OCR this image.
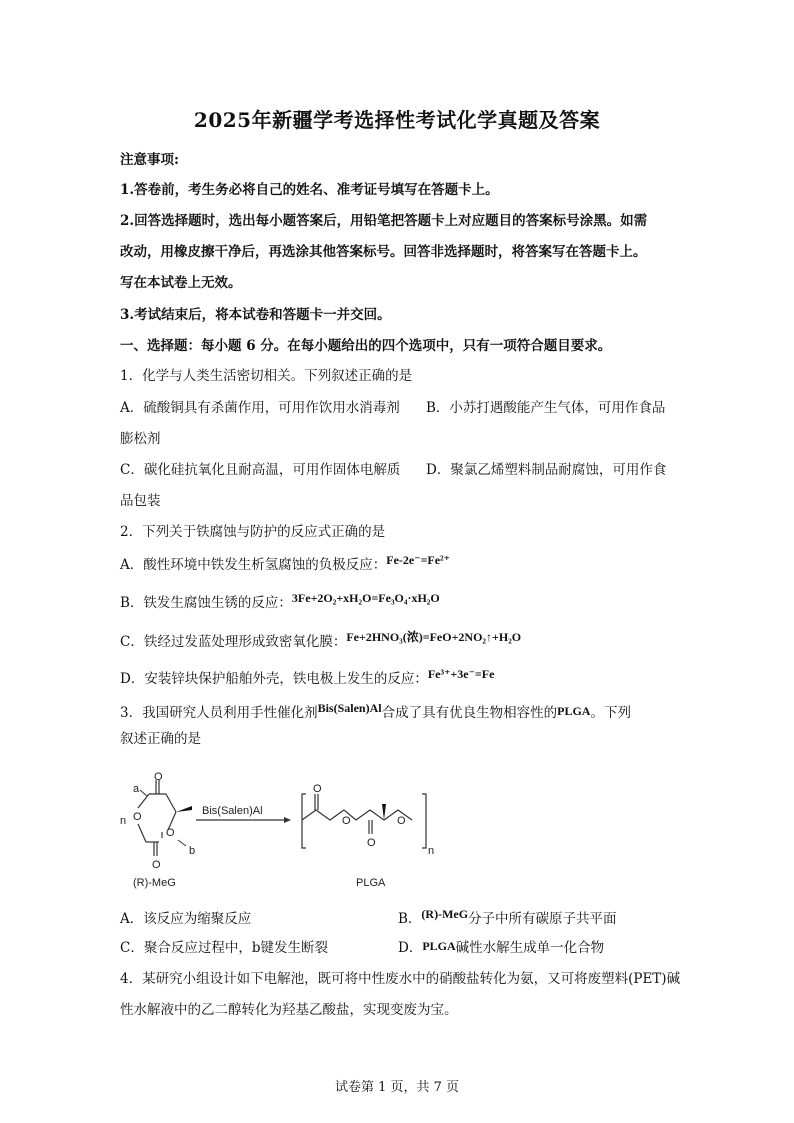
2025年新疆学考选择性考试化学真题及答案
注意事项:
1.答卷前，考生务必将自己的姓名、准考证号填写在答题卡上。
2.回答选择题时，选出每小题答案后，用铅笔把答题卡上对应题目的答案标号涂黑。如需
改动，用橡皮擦干净后，再选涂其他答案标号。回答非选择题时，将答案写在答题卡上。
写在本试卷上无效。
3.考试结束后，将本试卷和答题卡一并交回。
一、选择题：每小题 6 分。在每小题给出的四个选项中，只有一项符合题目要求。
1．化学与人类生活密切相关。下列叙述正确的是
A．硫酸铜具有杀菌作用，可用作饮用水消毒剂 B．小苏打遇酸能产生气体，可用作食品
膨松剂
C．碳化硅抗氧化且耐高温，可用作固体电解质 D．聚氯乙烯塑料制品耐腐蚀，可用作食
品包装
2．下列关于铁腐蚀与防护的反应式正确的是
A．酸性环境中铁发生析氢腐蚀的负极反应：Fe-2e⁻=Fe²⁺
B．铁发生腐蚀生锈的反应：3Fe+2O₂+xH₂O=Fe₃O₄·xH₂O
C．铁经过发蓝处理形成致密氧化膜：Fe+2HNO₃(浓)=FeO+2NO₂↑+H₂O
D．安装锌块保护船舶外壳，铁电极上发生的反应：Fe³⁺+3e⁻=Fe
3．我国研究人员利用手性催化剂Bis(Salen)Al合成了具有优良生物相容性的PLGA。下列
叙述正确的是
O
O
O
O
a
b
n
(R)-MeG
Bis(Salen)Al
O
O
O
O
n
PLGA
A．该反应为缩聚反应	B．(R)-MeG分子中所有碳原子共平面
C．聚合反应过程中，b键发生断裂	D．PLGA碱性水解生成单一化合物
4．某研究小组设计如下电解池，既可将中性废水中的硝酸盐转化为氨，又可将废塑料(PET)碱
性水解液中的乙二醇转化为羟基乙酸盐，实现变废为宝。
试卷第 1 页，共 7 页
